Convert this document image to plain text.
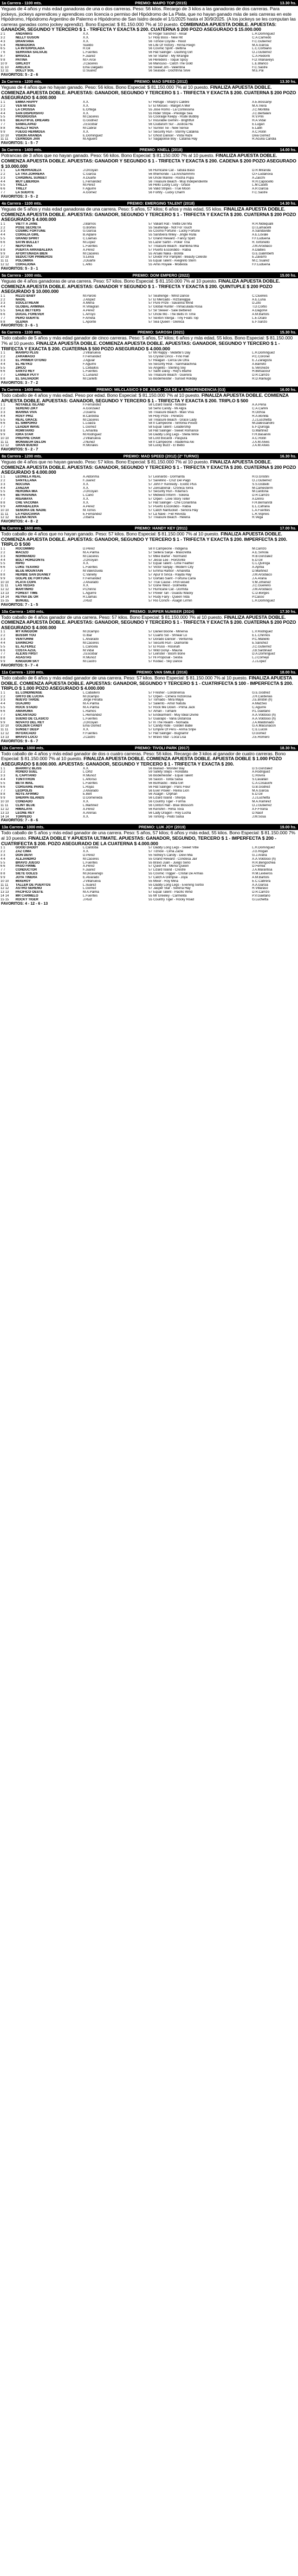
1a Carrera - 1100 mts.	PREMIO: MAIPO TOP (2015)	13.30 hs.
Yeguas de 4 años y más edad ganadoras de una o dos carreras. Peso: 56 kilos. Recargo de 3 kilos a las ganadoras de dos carreras. Para jockeys, jockeys aprendices y aprendices con licencia o permiso del Hipódromo de La Plata, que no hayan ganado más de seis carreras en este Hipódromo, Hipódromo Argentino de Palermo e Hipódromo de San Isidro desde el 1/1/2025 hasta el 30/9/2025. (A los jockeys se les computan las carreras ganadas como jockey aprendiz). Bono Especial: $ 81.150.000 7% al 10 puesto. COMBINADA APUESTA DOBLE. APUESTAS: GANADOR, SEGUNDO Y TERCERO $ 1 - TRIFECTA Y EXACTA $ 200. CUATERNA $ 200 POZO ASEGURADO $ 15.000.000
2 1	ANDAMAS	X.X.	60	Roger Sanchez - Alisar	L.H.Dominguez
3 2	NELLY GUSON	X.X.	57	Holy Boss - New Hit	C.A.Carriedo
4 3	DRANTANA	X.X.	56	Tiznow Coyote - Hood	F.C.Gutierrez
5 4	REMADORA	Sueldo	56	Life Of Victory - Rinna Reign	M.A.Garcia
6 5	LA INTERPOLADA	R.Gil	56	Cosmic Spirit - Bettina	L.C.Corbiano
7 6	SERRANA SALVAJE	L.Fuentes	56	Hat Salinger - Dashing Girl	O.J.Gutiérrez
8 7	BRISOLE	F.Juarez	56	Sir Starter - My Wrangle	C.A.Redonti
9 8	PATIÑA	M.F.Arce	56	Heredero - Toque Spicy	F.D.Vilanaveys
10 9	GIRLXOY	J.Cáceres	56	Mancuso - Catch The Gold	L.E.Blanco
11 10	ARELICA	Ema Dalgado	56	Sweet Jim - Valentina	F.C.Sastre
12 11	DOLLY SOL	D.Suarez	56	Seaside - Dochtrina Silve	M.E.Pai
FAVORITOS: 5 - 2 - 6
2a Carrera - 1200 mts.	PREMIO: MAD SPEED (2012)	13.30 hs.
Yeguas de 4 años que no hayan ganado. Peso: 56 kilos. Bono Especial: $ 81.150.000 7% al 10 puesto. FINALIZA APUESTA DOBLE. COMIENZA APUESTA DOBLE. APUESTAS: GANADOR, SEGUNDO Y TERCERO $ 1 - TRIFECTA Y EXACTA $ 200. CUATERNA $ 200 POZO ASEGURADO $ 4.000.000
1 1	EMMA HAPPY	X.X.	57	Refuge - Sharp's Calibre	A.E.Bossanyi
2 2	VEN MI KIDS	X.X.	57	El Moises - Marget A Mer	M.A.Viera
3 3	LA CROSSA	E.Ortega	55	Jose Romo - La Contessina	J.C.Montilla
4 4	SAN DISPERSIVO	X.X.	55	Rider Stripe - Prestige Sea	J.C.Bertalani
5 5	PRODIGIOSA	M.Cáceres	55	Cooraige Keepy - Rude Bubbly	R.V.Pini
6 6	BEAUTIFUL DREAMS	G.Godnez	57	Incurable Gemini - Brightfull	H.A.Vidal
7 7	SAMALAPAD	J.Escobar	56	Ciudarum Sur - Justicia Ha	E.Lugari
8 8	REALLY NOVA	M.Cabral	57	Sunreil Tie - New Sense	E.Latifi
9 9	FUEGO HERMOSA	X.X.	57	Security Run - Stormy Catalina	A.C.Rotin
10 10	VISION ARANDA	E.Dominguez	57	Ghost Dancer - Vista Haze	Diva Gomez
11 11	CERNODA JAN	M.Aguero	57	Sagapolise Boy - Catania Hay	R.Acuña Candia
FAVORITOS: 1 - 5 - 7
3a Carrera - 1400 mts.	PREMIO: KNELL (2018)	14.00 hs.
Potrancas de 3 años que no hayan ganado. Peso: 56 kilos. Bono Especial: $ 81.150.000 7% al 10 puesto. FINALIZA APUESTA DOBLE. COMIENZA APUESTA DOBLE. APUESTAS: GANADOR Y SEGUNDO $ 1 - TRIFECTA Y EXACTA $ 200. CADENA $ 200 POZO ASEGURADO $ 10.000.000
1 1	LA HERRADEZA	J.Orcoyan	56	Hurricane Cat - Tabula Baso	D.R.Miranda
2 2	LA TRA ZORRERA	C.Garcia	56	Ithemonde - La Anchammmi	O.F.Ludanova
3 3	CARDINAL SUNSET	A.Duarte	56	Uncle Marine - Rocha Pupa	A.Zacchi
4 4	MUY LIBERIDA	L.Fernández	56	Treasure Beach - Muy Independiente	R.H.Capocello
5 5	TRILLA	M.Pérez	56	Hello Lucky Lucy - Grace	L.M.Casitti
6 6	TRILLY	F.Aguirre	56	Valid Stripes - True Moon	A.R.Garcia
7 7	LA SUERTE	A.Gomez	56	Fortify - Lucky Charm	F.C.Sastre
FAVORITOS: 3 - 5 - 2
4a Carrera - 1100 mts.	PREMIO: EMERGING TALENT (2018)	14.30 hs.
Yeguas de 5 años y más edad ganadoras de una carrera. Peso: 5 años, 57 kilos; 6 años y más edad, 55 kilos. FINALIZA APUESTA DOBLE. COMIENZA APUESTA DOBLE. APUESTAS: GANADOR, SEGUNDO Y TERCERO $ 1 - TRIFECTA Y EXACTA $ 200. CUATERNA $ 200 POZO ASEGURADO $ 4.000.000
1 1	VIETT A JANE	J.Barrios	57	Valiant Rat - Viette Del Ma	R.H.Nidequalli
2 2	POSE SECRETA	G.Bortes	55	Seahenge - Not For Touch	D.I.Lamacelli
3 3	COSMIC FORTUNE	G.Garcia	55	Cosmo Fortune - Lucky Fortune	A.Sandavide
4 4	CORALIA GIRL	B.Aqlaire	55	Sandvera Wiley - Jingle Rulla	A.E.Lovale
5 5	GRAND SPIRIT	C.Llamas	57	Grand Reward - Fancy Spirit	F.F.Luduena
6 6	SATIN BULLET	M.Lopez	55	Lazer Sartin - Poker Tina	R.Tortoriello
7 7	NEPOTINA	L.Fuentes	57	Treasure Beach - Bambina Mia	J.M.Arcidiaco
8 8	PUERTA ARRABALERA	A.Pérez	57	Puerto Escondido - Rabia	A.Daibes
9 9	AFORTUNADA BIEN	M.Cáceres	55	Arsaki Naka - Bonita	G.E.Galimberti
10 10	SEDUCTOR PRIMEROS	S.Leiva	57	Dividir Por Pamplet - Beauty Celeste	E.Zavarro
11 11	POLOMIRA	J.Duarte	55	Equal Talent - Avegreto Stern	M.C.Suarez
12 12	CORALIONA	L.Alfio	55	Amis Royale - Modesta	F.F.Luduena
FAVORITOS: 5 - 3 - 1
5a Carrera - 1000 mts.	PREMIO: DOM EMPERO (2022)	15.00 hs.
Yeguas de 4 años ganadoras de una carrera. Peso: 57 kilos. Bono Especial: $ 81.150.000 7% al 10 puesto. FINALIZA APUESTA DOBLE. COMIENZA APUESTA DOBLE. APUESTAS: GANADOR Y SEGUNDO $ 1 - TRIFECTA Y EXACTA $ 200. QUINTUPLE $ 200 POZO ASEGURADO $ 10.000.000
1 1	RIZZO BABY	M.Parolo	57	Seahenge - Wind Dance	C.Ciuenes
2 2	NADIL	J.Alspez	57	El Mercado - Rizzareggia	A.E.Luna
3 3	SOULSTREAM	A.Mena	57	Pure Prize - Savanna Wind	D.Zito
4 4	GLOBAL ARMINIA	R.Villagran	57	Global Hunter - Inmaculada Rosa	T.D.Corbo
5 5	SALE BETTERS	A.Pérez	57	Sir Slewer - Sale Bettered	A.Dagonvi
6 6	DUGAL FOREVER	L.Arroyo	57	Uncle Mo - The Bells In Time	A.M.Bartols
7 7	PERO SUERTE	F.Arrieta	57	Sexton Sterga - Tiny Feats Top	L.E.Ocalo
8 8	GLENIA	L.Aponte	57	Sea Queen - Glenica	E.F.Sanzo
FAVORITOS: 3 - 6 - 1
6a Carrera - 1100 mts.	PREMIO: SAROSH (2021)	15.30 hs.
Todo caballo de 5 años y más edad ganador de cinco carreras. Peso: 5 años, 57 kilos; 6 años y más edad, 55 kilos. Bono Especial: $ 81.150.000 7% al 10 puesto. FINALIZA APUESTA DOBLE. COMIENZA APUESTA DOBLE. APUESTAS: GANADOR, SEGUNDO Y TERCERO $ 1 - TRIFECTA Y EXACTA $ 200. CUATERNA $ 500 POZO ASEGURADO $ 4.000.000
1 1	MARIPO PLUS	J.Villanueva	57	Mi Happy - Vedette's Day	L.H.Dominguez
2 2	ZARAMAGO	F.Fernández	55	Crystal Cinco - Fino Hall	P.C.Coronel
3 3	EL PRIMER OTOÑO	J.Aguiar	57	Reagan - Cerca De Otra	E.J.Zaragoza
4 4	EL REYKO	F.Aguirre	55	Security Risk - Sanmalachina	A.Barreto
5 5	ZIRCO	L.Ceballos	55	Angelito - Sterling Sky	E.Veroneze
6 6	SANTO REY	L.Fuentes	57	Saint Daisy - Rey's Blame	H.Betsacour
7 7	LANNER PUTY	C.Lunarez	55	Treasure Beach - Guerera	D.R.Carrizo
8 8	EL SALVADOR	M.Carletti	55	Bodemeister - Sunset Holiday	R.D.Rainugo
FAVORITOS: 3 - 7 - 2
7a Carrera - 1400 mts.	PREMIO: MILCLASICO 9 DE JULIO - DIA DE LA INDEPENDENCIA (G3)	16.00 hs.
Todo caballo de 4 años y más edad. Peso por edad. Bono Especial: $ 81.150.000 7% al 10 puesto. FINALIZA APUESTA DOBLE. COMIENZA APUESTA DOBLE. APUESTAS: GANADOR, SEGUNDO Y TERCERO $ 1 - TRIFECTA Y EXACTA $ 200. TRIPLO $ 500
1 1	NOTABLE ISLAND	F.Fernández	58	Lizard Island - Notable	A.A.Pena
2 2	SERENO ZIKY	A.Gonzalez	58	Seho Candy - Mi Algra	C.A.Carlini
3 3	MARINA VIVA	J.Guerra	56	Treasure Beach - Mavi Viva	R.Ochoa
4 4	ROSY PRIZ	B.Cárdoba	56	Holy Prize - Penetzo	R.A.Bonilla
5 5	REAL GRACE	M.Cáceres	58	Treasure Beach - Grace Lady	J.J.Lucchetta
6 6	EL SIMPORIO	L.Loaiza	58	Il Campeone - Sinfonia Posod	M.Dalessandro
7 7	LEADER WAVE	L.Gomez	58	Equal Talent - Leadership	E.F.Quiroga
8 8	ROMITARIO	L.Amarilla	58	Hat Salinger - Sweet Romance	G.Martinez
9 9	IORA STAR	M.Rodriguez	56	Daddy Long Legs - Stella Wirle	F.H.Basanini
10 10	PREPPIE CHAR	J.Villanueva	58	Lord Bocardi - Paspura	A.C.Rotin
11 11	MONSIEUR DELON	J.Nuñez	58	Il Campeone - Atademia Aki	J.A.M.Alves
12 12	GRAN BUENO	R.Morales	58	Lucky Buzz - El Bebo	J.A.M.Alves
FAVORITOS: 5 - 2 - 7
8a Carrera - 1200 mts.	PREMIO: MAD SPEED (2012) (2º TURNO)	16.30 hs.
Yeguas de 4 años que no hayan ganado. Peso: 57 kilos. Bono Especial: $ 81.150.000 7% al 10 puesto. FINALIZA APUESTA DOBLE. COMIENZA APUESTA DOBLE. APUESTAS: GANADOR, SEGUNDO Y TERCERO $ 1 - TRIFECTA Y EXACTA $ 200. CUATERNA $ 200 POZO ASEGURADO $ 4.000.000
1 1	LEONELA REAL	A.Aldonma	57	Leonardo - Dormanta	H.G.Gristini
2 2	SANTILLANA	F.Juarez	57	Sarellino - Cruz Del Pago	O.J.Gutiérrez
3 3	NOCUNA	X.X.	57	John F Kennedy - Exotic Plus	S.S.Gisbelli
4 4	ZANZAR	X.X.	57	Zensational - Crónica Sinra	M.Camesterm
5 5	HEROINA MIA	J.Orcoyan	57	Security Run - Kitarna's	M.Cardona
6 6	BETRAVAINA	L.Cano	57	Midwest Inform - Soleria	D.R.Carrizo
7 7	RISAMAYA	X.X.	57	Orpen - Love Story Teller	A.Dinno
8 8	CHE VACONIA	X.X.	57	Hat Salinger - Che Coriantina	F.H.Bernanrdi
9 9	ARRABALERA	A.Pérez	57	Puerto Escondido - Rabia	E.L.Cafrana
10 10	SEÑORA DE NADIE	M.Torres	57	Catch Nantucket - Señora Hay	L.A.Fuentes
11 11	LA FIDUCIARIA	E.Fernández	57	La Nave - Fiel Revista	L.R.Vopreis
12 12	ELENA NOVA	J.Ibarra	57	Treasure Beach - Helena	R.Vega
FAVORITOS: 4 - 8 - 2
9a Carrera - 1600 mts.	PREMIO: HANDY KEY (2011)	17.00 hs.
Todo caballo de 4 años que no hayan ganado. Peso: 57 kilos. Bono Especial: $ 81.150.000 7% al 10 puesto. FINALIZA APUESTA DOBLE. COMIENZA APUESTA DOBLE. APUESTAS: GANADOR, SEGUNDO Y TERCERO $ 1 - TRIFECTA Y EXACTA $ 200. IMPERFECTA $ 200. TRIPLO $ 500
1 1	ROCOMIMO	D.Pérez	58	Il Campeone - Indigena	M.Carrizo
2 2	MACIZO	M.A.Palma	57	Sellera Sanje - Mascretita	A.E.Simola
3 3	NORMANDO	M.Cáceres	57	Mike Barter - Normand	R.B.Gonzalez
4 4	BOLT HORIZONTE	J.Orcoyan	57	Jesse Lee - Horizonte	E.D.Gil
5 5	RIPIO	X.X.	57	Equal Talent - Lime Feather	C.L.Quiroga
6 6	LUKE TEXANO	L.Fuentes	57	Victor Sanjay - Modern City	A.Aprea
7 7	BLUE MOUNTAIN	M.Valenzuela	57	Emma Harbor - Amaretta	D.Martinez
8 8	HERBIE SAN DUANEY	C.Vanelly	57	Apur 8 Sinca - Rayda Hay	J.M.Arcidiaco
9 9	GOLPE DE FORTUNA	F.Fernández	57	Gortalo Saint - Fortuna Carla	J.A.Arana
10 10	PLATA COPA	J.Alvarado	57	True Cause - Prof-vesed	V.M.Jimenez
11 11	LAS VEGAS	X.X.	57	Gone West - Golmelita	J.C.Guereño
12 12	MARTINHO	P.Chirino	57	Hurricane Cat - Dormita	J.M.Arcidiaco
13 13	FOREST TIME	L.Aguirre	57	Power Tan - Guastu Wacky	C.D.Borges
14 14	REYNA DE OR	R.Llamas	57	Rudy Fairy - Queen Vida	P.Casso
15 15	BUÑUEL	J.Ruiz	57	Rio Conchi - Asagiri Lirmin	L.H.Dominguez
FAVORITOS: 7 - 1 - 5
10a Carrera - 1400 mts.	PREMIO: SURFER NUMBER (2024)	17.30 hs.
Todo caballo de 4 años ganador de una carrera. Peso: 57 kilos. Bono Especial: $ 81.150.000 7% al 10 puesto. FINALIZA APUESTA DOBLE. COMIENZA APUESTA DOBLE. APUESTAS: GANADOR, SEGUNDO Y TERCERO $ 1 - TRIFECTA Y EXACTA $ 200. CUATERNA $ 200 POZO ASEGURADO $ 4.000.000
1 1	MY KINGDOM	M.Ocampo	57	Daniel Boone - Minerva	L.V.Rodriguez
2 2	BUSSIR YOU	G.Ibar	57	Cuarto Sol - Shnear Lo	E.L.Chirinos
3 3	VENTURINI	L.Alvarado	57	Dorado Dancer - Venturina	P.C.Matiello
4 4	SARINCHO	M.Cáceres	57	Securiti Run - Diamonte	E.Sánchez
5 5	EL ALFEREZ	L.Cancela	57	El Ruso - Rosinah	J.C.Gutierrez
6 6	COSTA AZUL	M.Vidal	57	Wild Gonyi - Mauria	J.B.Sardinaut
7 7	ALEXIS FIRST	J.Escobar	57	Leinster - Boom Bone	D.A.Dominguez
8 8	AGASTAS	R.Muñoz	57	Hi Proposal - Sestia	L.J.Cornejo
9 9	KINGDOM SKY	M.Castro	57	Kodiac - Sky Dance	J.J.Lopez
FAVORITOS: 5 - 7 - 4
11a Carrera - 1200 mts.	PREMIO: VAN SMILE (2016)	18.00 hs.
Todo caballo de 6 años y más edad ganador de una carrera. Peso: 57 kilos. Bono Especial: $ 81.150.000 7% al 10 puesto. FINALIZA APUESTA DOBLE. COMIENZA APUESTA DOBLE. APUESTAS: GANADOR, SEGUNDO Y TERCERO $ 1 - CUATRIFECTA $ 100 - IMPERFECTA $ 200. TRIPLO $ 1.000 POZO ASEGURADO $ 4.000.000
1 1	EL LONDINENSE	L.Caballero	57	Fresher - Londinensa	G.E.Godnez
2 2	GRITO DE LUCHA	M.Ocampo	57	Orpen - Cimera Victoriosa	J.H.Cardenas
3 3	NUEVO TARDE	Jorge Peralta	57	Tornado - Mira Maya	J.E.Brobin (h)
4 4	GUAJIRO	M.A.Palma	57	Salento - Amor Natuta	A.Mazzeo
5 5	ROCK STADO	M.A.Palma	57	Rock Me Down - Prima Jack	C.Aguirre
6 6	AMARUMA	L.Ramos	57	Amari - Tumaini	P.L.Gaetano
7 7	ENCANTADO	L.Hernández	57	Endearment - Muy Ideal Divine	A.A.Voldosio (h)
8 8	SUENO DE CLASICO	L.Fuentes	57	Guarapo - Vana Distancia	A.A.Voldosio (h)
9 9	NOVATO DEL REY	J.Orcoyan	57	In The Realm - Nomada	J.A.Maldonado
10 10	GOLDEN CANDY	Ema Gomez	57	Candy Ride - Golden Babe	G.A.Macuriacon
11 11	SUNSET DEEP	X.X.	57	Empire Of Perú - Arima Sripe	C.E.Lucoli
12 12	INTOXICADO	F.Fuentes	57	Hat Salinger - Bugnamir	O.Gomez
13 13	BRAVO LOCO	J.Castro	57	Bravo Star - Loca Lisa	J.E.Romero
FAVORITOS: 9 - 6 - 7
12a Carrera - 1000 mts.	PREMIO: TIVOLI PARK (2017)	18.30 hs.
Todo caballo de 4 años y más edad ganador de dos o cuatro carreras. Peso: 56 kilos. Recargo de 3 kilos al ganador de cuatro carreras. Bono Especial: $ 81.150.000 7% al 10 puesto. FINALIZA APUESTA DOBLE. COMIENZA APUESTA DOBLE. APUESTA DOBLE $ 1.000 POZO ASEGURADO $ 8.000.000. APUESTAS: GANADOR, SEGUNDO Y TERCERO $ 1 - TRIFECTA Y EXACTA $ 200.
1 1	BIARRITZ BLISS	X.X.	56	Bianad - Wonder Bay	D.S.Gonzalez
2 2	RONDO SUEL	L.Ortiz	59	Safety Steps - Rondalla	A.Rodriguez
3 3	IL CAPITANO	R.Muñoz	56	Bodemeister - Equal Talent	C.Rovira
4 4	TONTITRÖN	L.Alfonso	56	Saxon - Tonta Salsa	S.Cavallari
5 5	BETA WAIL	L.Fuentes	56	Bulmastic - Beta Girl	C.A.Cosauchi
6 6	CORSAIRE PARÍS	L.Rojas	56	Hat Salinger - Paris Fleur	G.B.Godnez
7 7	LEOPOLIS	J.Alvarado	56	Ever Power - Reina Lion	M.A.Garcia
8 8	NOTE AFIRMO	E.Belt	56	Asagiri - Orphan	E.D.Gil
9 9	SHERPA ISLANDS	D.Domeneda	56	Lizard Island - Sherpa	J.J.Luchetta
10 10	CONDADO	X.X.	56	Country Tiger - Forma	M.A.Ramirez
11 11	CLINT BLUE	L.Martinez	56	Clinton Hall - Blue Blossom	O.J.Gutierrez
12 12	HIMALAYA	A.Pérez	56	Kenshin - Hima Tova	A.F.Frisina
13 13	LEONE REY	A.Arenas	56	Lady Dragon - Rey Lucha	D.Nasif
14 14	TORPEDO	X.X.	56	Torlong - Pedo Salsa	J.M.Sosa
FAVORITOS: 7 - 8 - 6
13a Carrera - 1000 mts.	PREMIO: LUK JOY (2019)	19.00 hs.
Todo caballo de 5 años y más edad ganador de una carrera. Peso: 5 años, 57 kilos; 6 años y más edad, 55 kilos. Bono Especial: $ 81.150.000 7% al 10 puesto. FINALIZA DOBLE Y APUESTA ULTIMATE. APUESTAS: GANADOR, SEGUNDO, TERCERO $ 1 - IMPERFECTA $ 200 - CUATRIFECTA $ 200. POZO ASEGURADO DE LA CUATERNA $ 4.000.000
1 1	GOOD DADDY	L.Cárdoba	57	Daddy Long Legs - Sweet Vibe	L.H.Dominguez
2 2	ZAZ CIMA	X.X.	57	Tiznow - Cima Zazie	J.G.Rogan
3 3	DON DEIVI	D.Pérez	55	Sidney's Candy - Deivi Mia	G.J.Arana
4 4	ALEJANDRO	M.Cáceres	55	Grand Reward - Condesa Jair	A.A.Voldosio (h)
5 5	BRAVO JUEGO	L.Fuentes	55	Bravo Juan - Juego Serio	H.R.Bengochea
6 6	PASO FIRME	A.Pérez	57	Quiet Hit - Mensi Queen	D.Ferrea
7 7	CONDUCTOR	F.Juarez	57	Lizard Island - Crestre	J.A.Marantisa
8 8	SIETE GOLES	M.Dicavanigo	55	Cosmic Trigger - Cristal De Armas	H.M.Lexkeros
9 9	JOYA TINERA	E.Alvarado	57	Catch A Glimpse - Joya	A.M.Bartols
10 10	MIXEROY	J.Villanueva	55	Mixer - Roy Mina	E.C.Cabrera
11 11	TALLER DE PUERTOS	L.Suarez	55	Daddy Long Legs - Evening Sorbo	A.A.Garcia
12 12	ASTRO SERENO	L.Gomez	57	Jasper Star - Serena Hay	R.Villaraso
13 13	PACIFICO OESTE	M.A.Palma	57	Equal Talent - Pacific Wind	D.R.Carrizo
14 14	MR CARMELO	L.Fuentes	55	Mr Greeley - Carmelita	P.V.Gaetano
15 15	ROCKY TIGER	J.Ruiz	55	Country Tiger - Rocky Road	G.Luchetta
FAVORITOS: 4 - 12 - 6 - 13
